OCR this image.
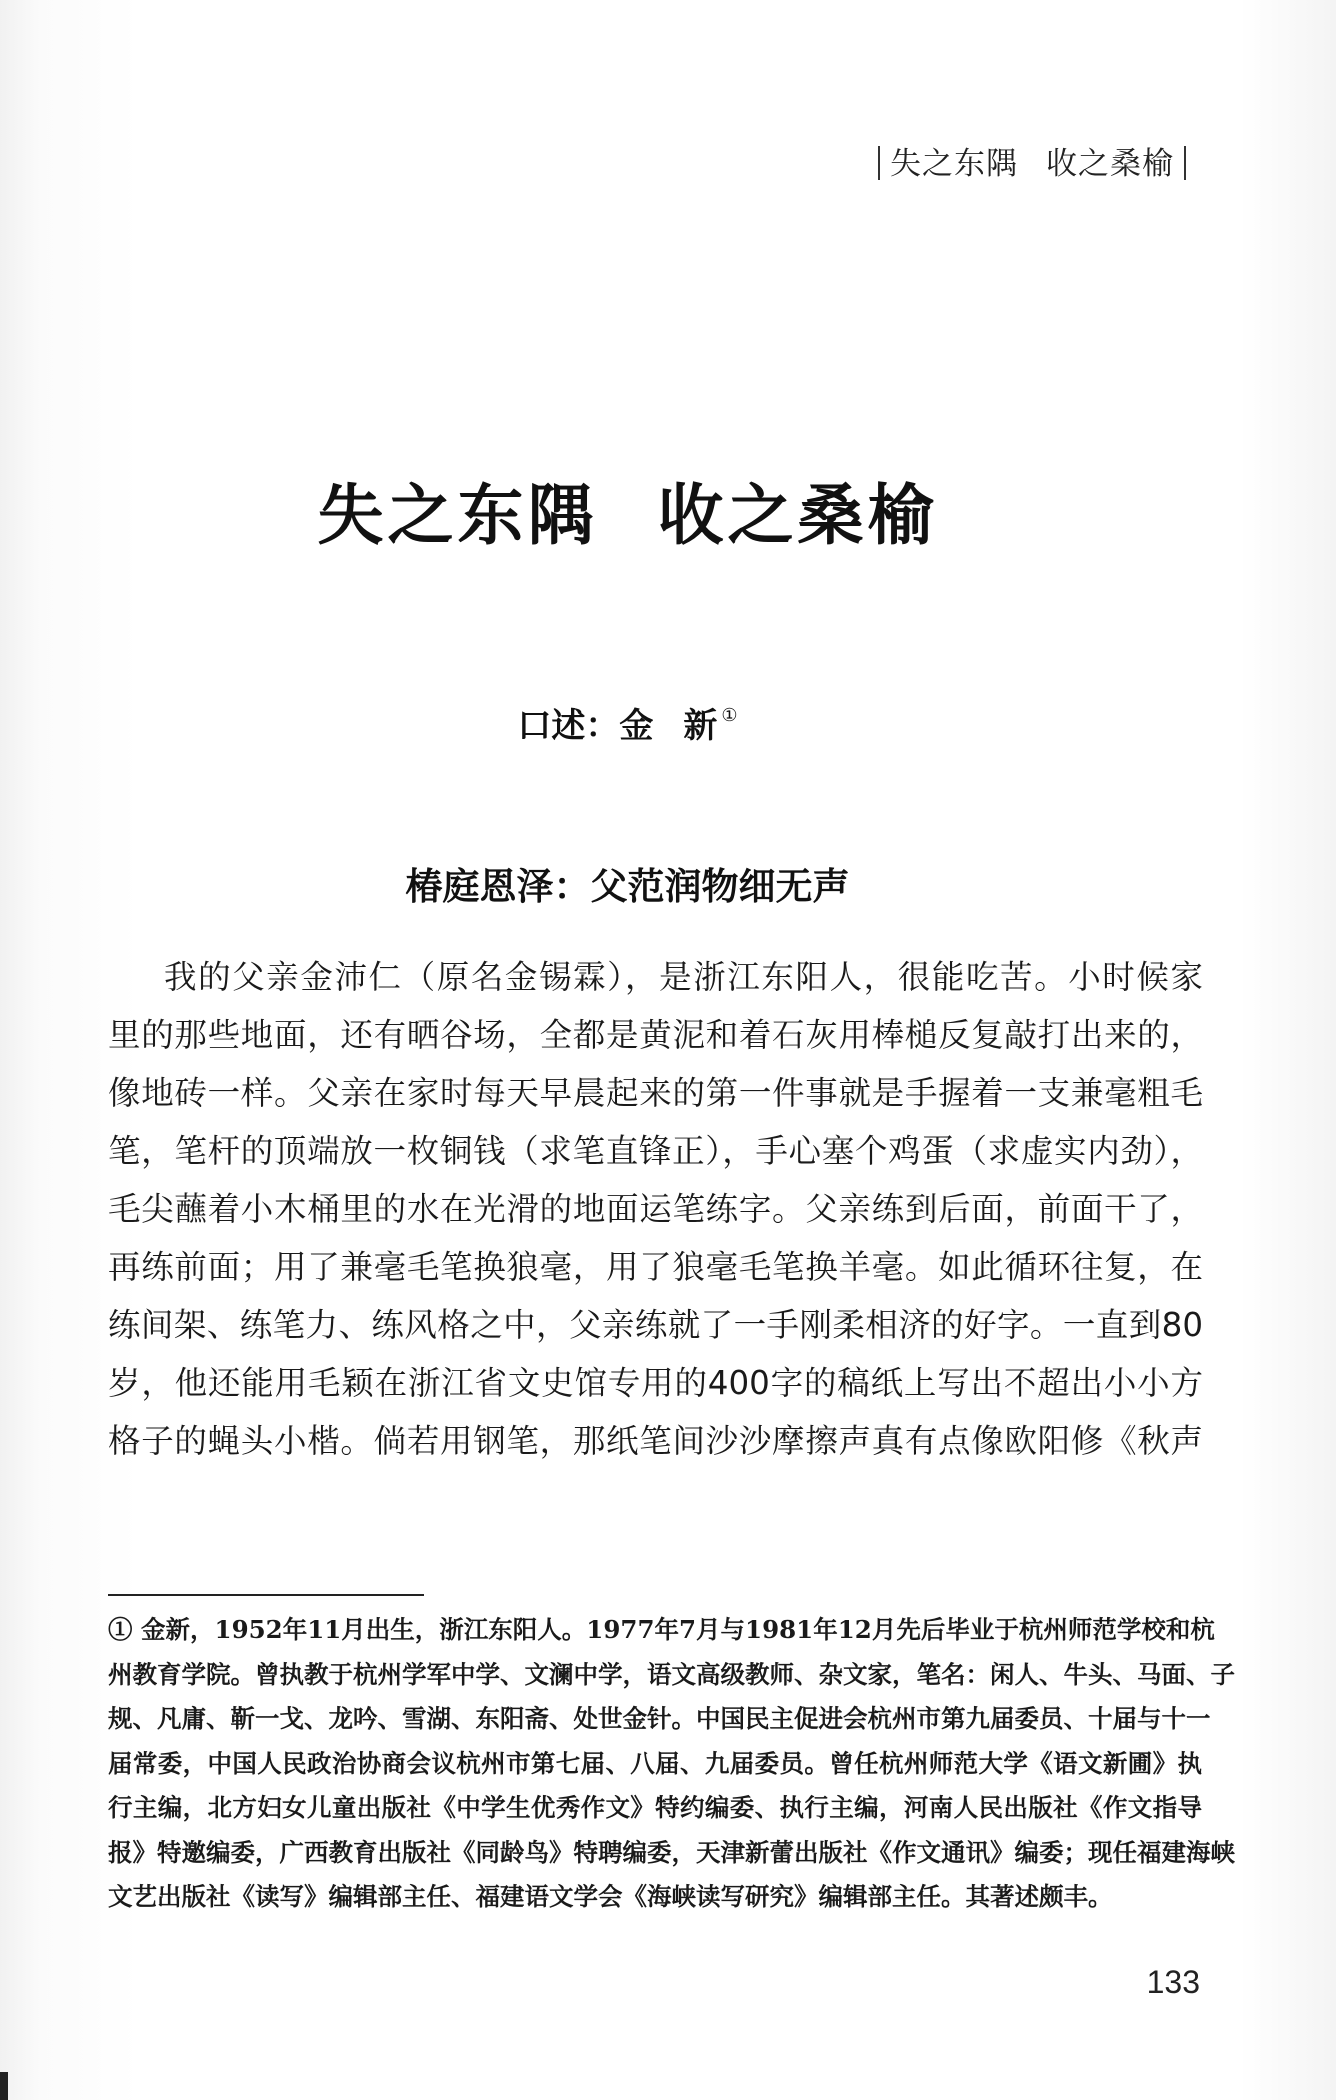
失之东隅 收之桑榆
失之东隅 收之桑榆
口述：金 新 ①
椿庭恩泽：父范润物细无声
我的父亲金沛仁（原名金锡霖），是浙江东阳人，很能吃苦。小时候家
里的那些地面，还有晒谷场，全都是黄泥和着石灰用棒槌反复敲打出来的，
像地砖一样。父亲在家时每天早晨起来的第一件事就是手握着一支兼毫粗毛
笔，笔杆的顶端放一枚铜钱（求笔直锋正），手心塞个鸡蛋（求虚实内劲），
毛尖蘸着小木桶里的水在光滑的地面运笔练字。父亲练到后面，前面干了，
再练前面；用了兼毫毛笔换狼毫，用了狼毫毛笔换羊毫。如此循环往复，在
练间架、练笔力、练风格之中，父亲练就了一手刚柔相济的好字。一直到80
岁，他还能用毛颖在浙江省文史馆专用的400字的稿纸上写出不超出小小方
格子的蝇头小楷。倘若用钢笔，那纸笔间沙沙摩擦声真有点像欧阳修《秋声
① 金新，1952年11月出生，浙江东阳人。1977年7月与1981年12月先后毕业于杭州师范学校和杭
州教育学院。曾执教于杭州学军中学、文澜中学，语文高级教师、杂文家，笔名：闲人、牛头、马面、子
规、凡庸、靳一戈、龙吟、雪湖、东阳斋、处世金针。中国民主促进会杭州市第九届委员、十届与十一
届常委，中国人民政治协商会议杭州市第七届、八届、九届委员。曾任杭州师范大学《语文新圃》执
行主编，北方妇女儿童出版社《中学生优秀作文》特约编委、执行主编，河南人民出版社《作文指导
报》特邀编委，广西教育出版社《同龄鸟》特聘编委，天津新蕾出版社《作文通讯》编委；现任福建海峡
文艺出版社《读写》编辑部主任、福建语文学会《海峡读写研究》编辑部主任。其著述颇丰。
133
